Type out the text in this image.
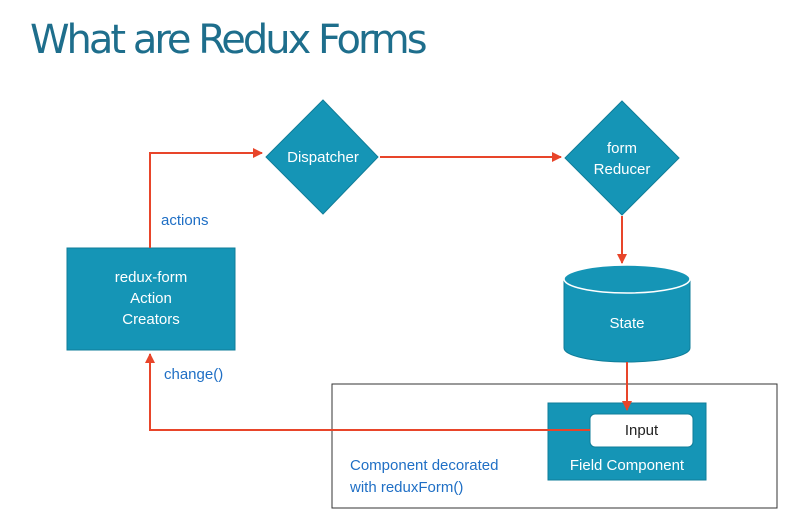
What are Redux Forms
actions
change()
redux-form
Action
Creators
Dispatcher
form
Reducer
State
Input
Field Component
Component decorated
with reduxForm()
